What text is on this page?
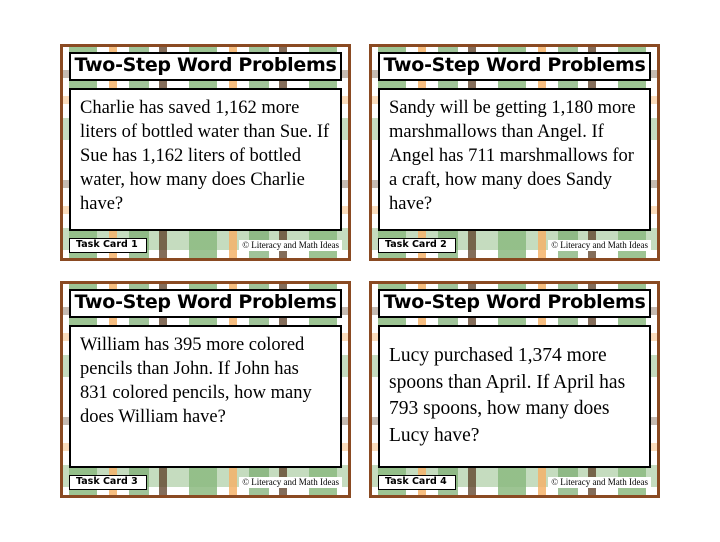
Two-Step Word Problems
Charlie has saved 1,162 more liters of bottled water than Sue. If Sue has 1,162 liters of bottled water, how many does Charlie have?
Task Card 1	© Literacy and Math Ideas
Two-Step Word Problems
Sandy will be getting 1,180 more marshmallows than Angel. If Angel has 711 marshmallows for a craft, how many does Sandy have?
Task Card 2	© Literacy and Math Ideas
Two-Step Word Problems
William has 395 more colored pencils than John. If John has 831 colored pencils, how many does William have?
Task Card 3	© Literacy and Math Ideas
Two-Step Word Problems
Lucy purchased 1,374 more spoons than April. If April has 793 spoons, how many does Lucy have?
Task Card 4	© Literacy and Math Ideas
